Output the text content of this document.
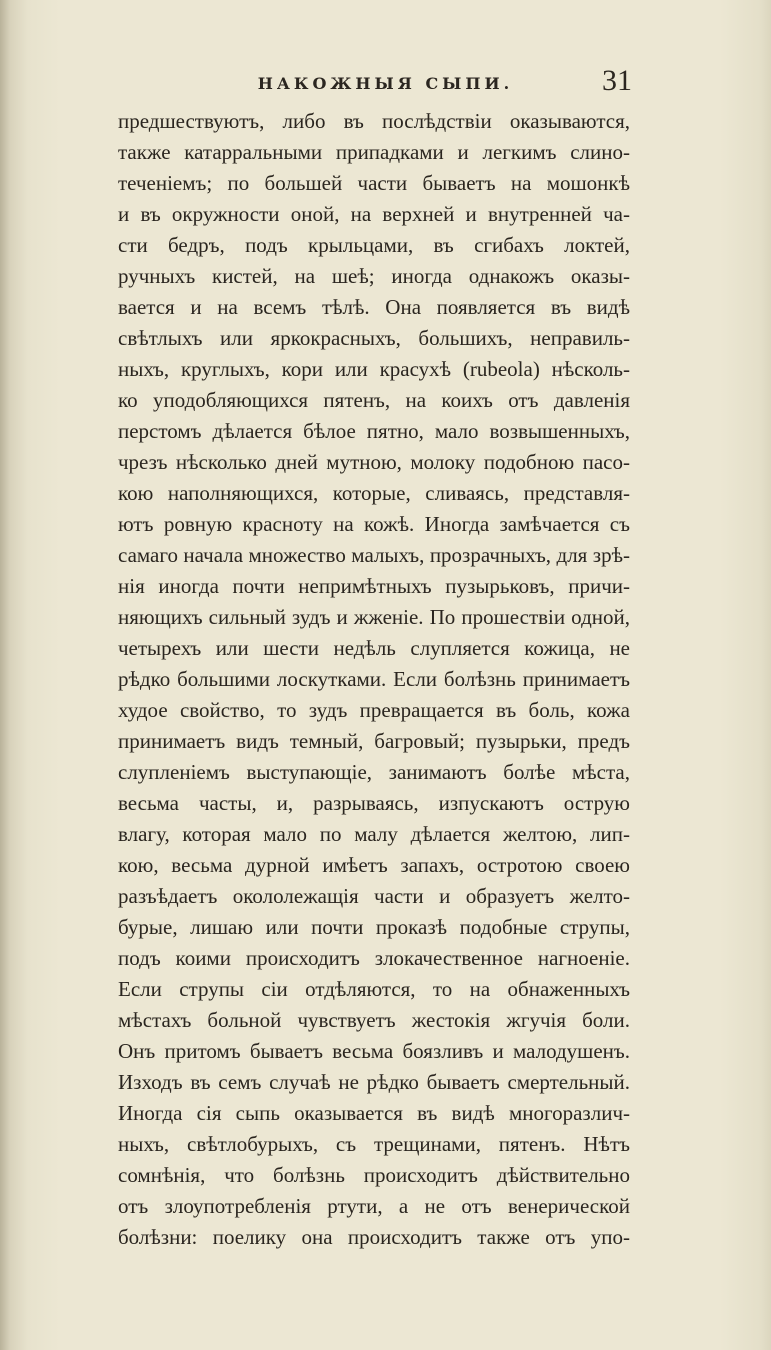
НАКОЖНЫЯ СЫПИ.	31
предшествуютъ, либо въ послѣдствіи оказываются,
также катарральными припадками и легкимъ слино-
теченіемъ; по большей части бываетъ на мошонкѣ
и въ окружности оной, на верхней и внутренней ча-
сти бедръ, подъ крыльцами, въ сгибахъ локтей,
ручныхъ кистей, на шеѣ; иногда однакожъ оказы-
вается и на всемъ тѣлѣ. Она появляется въ видѣ
свѣтлыхъ или яркокрасныхъ, большихъ, неправиль-
ныхъ, круглыхъ, кори или красухѣ (rubeola) нѣсколь-
ко уподобляющихся пятенъ, на коихъ отъ давленія
перстомъ дѣлается бѣлое пятно, мало возвышенныхъ,
чрезъ нѣсколько дней мутною, молоку подобною пасо-
кою наполняющихся, которые, сливаясь, представля-
ютъ ровную красноту на кожѣ. Иногда замѣчается съ
самаго начала множество малыхъ, прозрачныхъ, для зрѣ-
нія иногда почти непримѣтныхъ пузырьковъ, причи-
няющихъ сильный зудъ и жженіе. По прошествіи одной,
четырехъ или шести недѣль слупляется кожица, не
рѣдко большими лоскутками. Если болѣзнь принимаетъ
худое свойство, то зудъ превращается въ боль, кожа
принимаетъ видъ темный, багровый; пузырьки, предъ
слупленіемъ выступающіе, занимаютъ болѣе мѣста,
весьма часты, и, разрываясь, изпускаютъ острую
влагу, которая мало по малу дѣлается желтою, лип-
кою, весьма дурной имѣетъ запахъ, остротою своею
разъѣдаетъ окололежащія части и образуетъ желто-
бурые, лишаю или почти проказѣ подобные струпы,
подъ коими происходитъ злокачественное нагноеніе.
Если струпы сіи отдѣляются, то на обнаженныхъ
мѣстахъ больной чувствуетъ жестокія жгучія боли.
Онъ притомъ бываетъ весьма боязливъ и малодушенъ.
Изходъ въ семъ случаѣ не рѣдко бываетъ смертельный.
Иногда сія сыпь оказывается въ видѣ многоразлич-
ныхъ, свѣтлобурыхъ, съ трещинами, пятенъ. Нѣтъ
сомнѣнія, что болѣзнь происходитъ дѣйствительно
отъ злоупотребленія ртути, а не отъ венерической
болѣзни: поелику она происходитъ также отъ упо-
